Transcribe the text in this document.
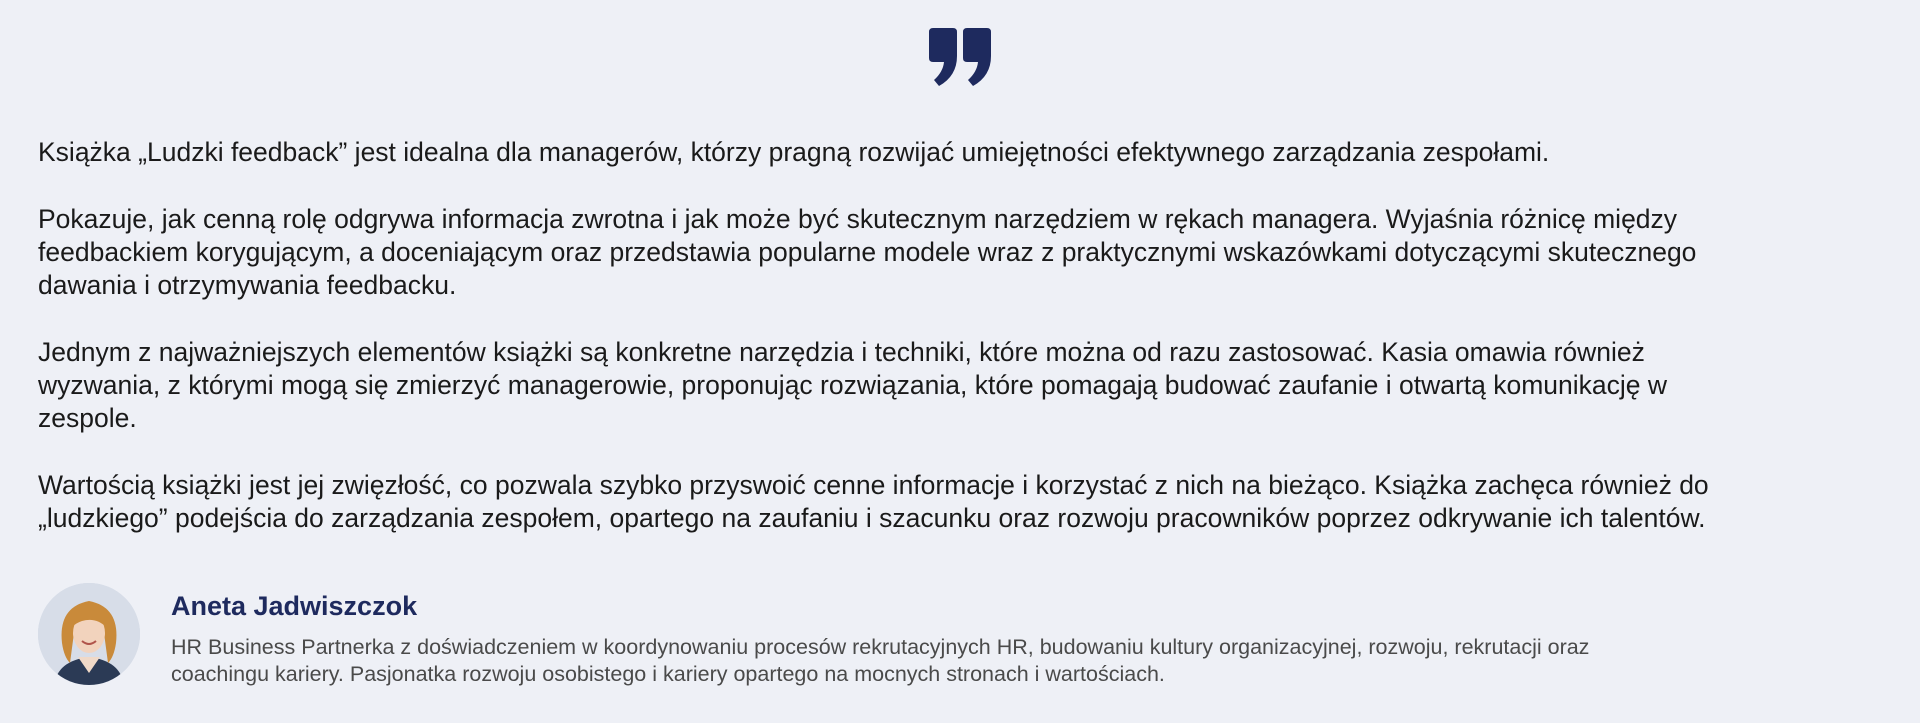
Książka „Ludzki feedback” jest idealna dla managerów, którzy pragną rozwijać umiejętności efektywnego zarządzania zespołami.

Pokazuje, jak cenną rolę odgrywa informacja zwrotna i jak może być skutecznym narzędziem w rękach managera. Wyjaśnia różnicę między
feedbackiem korygującym, a doceniającym oraz przedstawia popularne modele wraz z praktycznymi wskazówkami dotyczącymi skutecznego
dawania i otrzymywania feedbacku.

Jednym z najważniejszych elementów książki są konkretne narzędzia i techniki, które można od razu zastosować. Kasia omawia również
wyzwania, z którymi mogą się zmierzyć managerowie, proponując rozwiązania, które pomagają budować zaufanie i otwartą komunikację w
zespole.

Wartością książki jest jej zwięzłość, co pozwala szybko przyswoić cenne informacje i korzystać z nich na bieżąco. Książka zachęca również do
„ludzkiego” podejścia do zarządzania zespołem, opartego na zaufaniu i szacunku oraz rozwoju pracowników poprzez odkrywanie ich talentów.

Aneta Jadwiszczok
HR Business Partnerka z doświadczeniem w koordynowaniu procesów rekrutacyjnych HR, budowaniu kultury organizacyjnej, rozwoju, rekrutacji oraz
coachingu kariery. Pasjonatka rozwoju osobistego i kariery opartego na mocnych stronach i wartościach.
